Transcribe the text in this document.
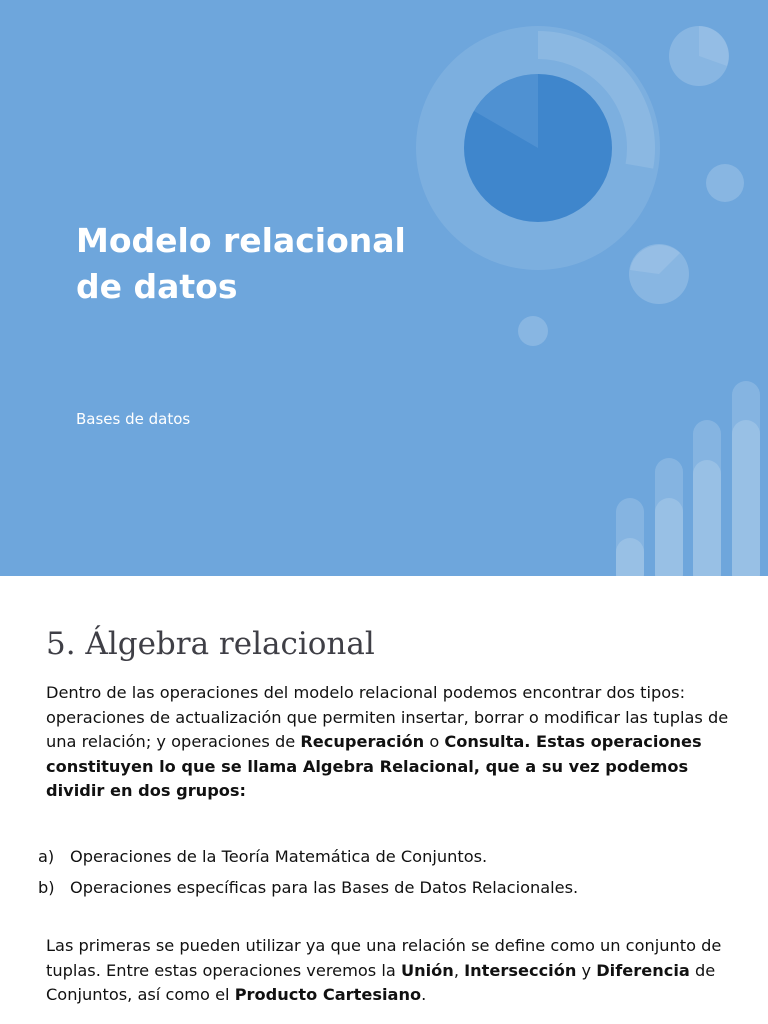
Modelo relacional
de datos
Bases de datos
5. Álgebra relacional

Dentro de las operaciones del modelo relacional podemos encontrar dos tipos: operaciones de actualización que permiten insertar, borrar o modificar las tuplas de una relación; y operaciones de Recuperación o Consulta. Estas operaciones constituyen lo que se llama Algebra Relacional, que a su vez podemos dividir en dos grupos:

a) Operaciones de la Teoría Matemática de Conjuntos.
b) Operaciones específicas para las Bases de Datos Relacionales.

Las primeras se pueden utilizar ya que una relación se define como un conjunto de tuplas. Entre estas operaciones veremos la Unión, Intersección y Diferencia de Conjuntos, así como el Producto Cartesiano.
